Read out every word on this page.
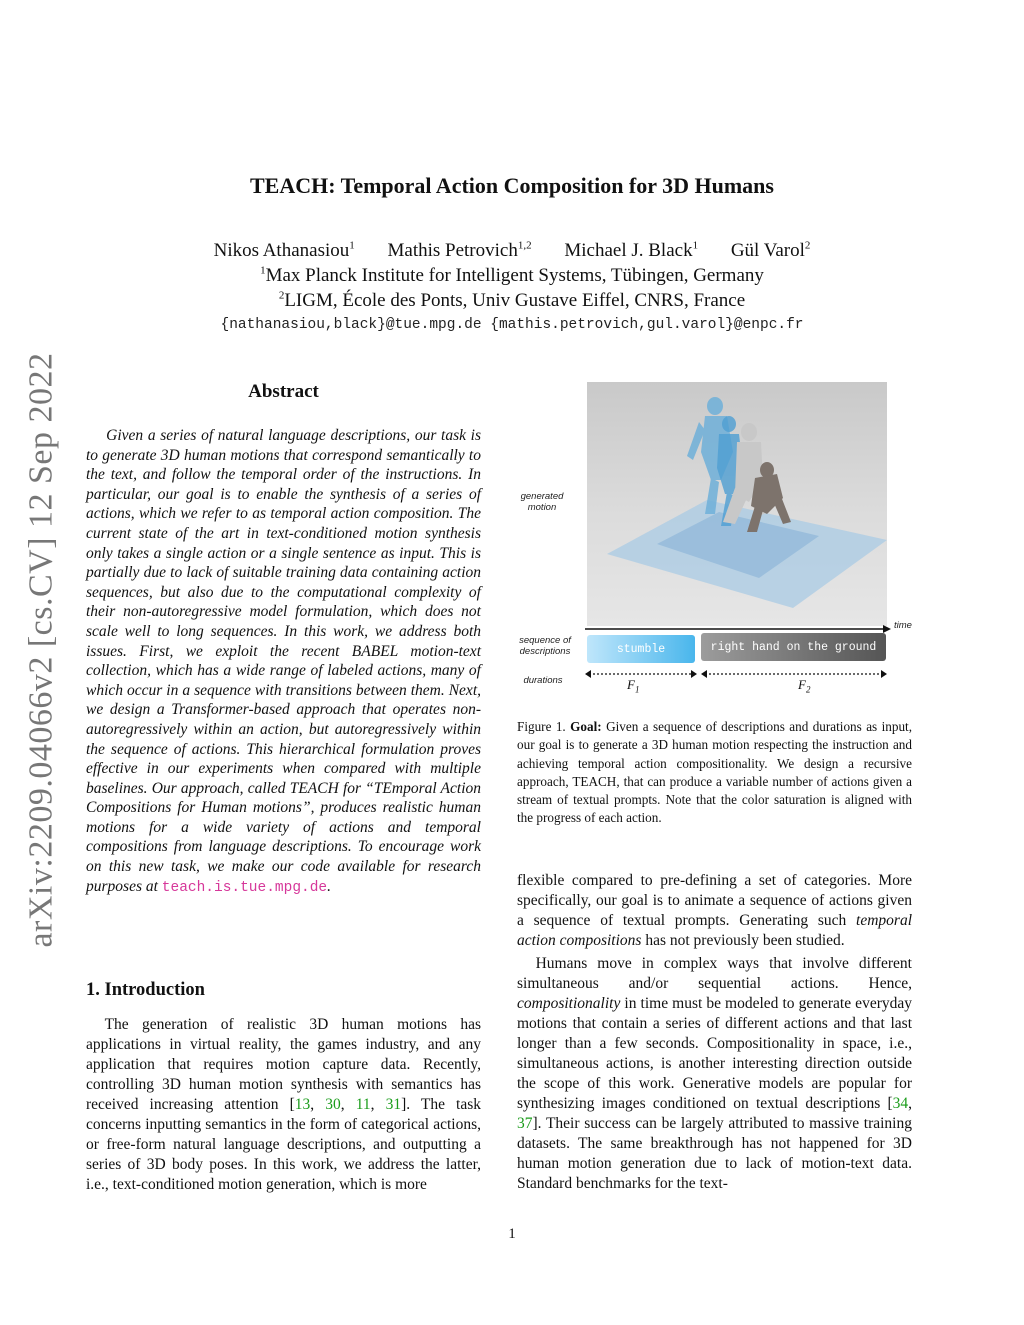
arXiv:2209.04066v2 [cs.CV] 12 Sep 2022
TEACH: Temporal Action Composition for 3D Humans
Nikos Athanasiou$^1$ Mathis Petrovich$^{1,2}$ Michael J. Black$^1$ Gül Varol$^2$
$^1$Max Planck Institute for Intelligent Systems, Tübingen, Germany
$^2$LIGM, École des Ponts, Univ Gustave Eiffel, CNRS, France
{nathanasiou,black}@tue.mpg.de {mathis.petrovich,gul.varol}@enpc.fr
Abstract
Given a series of natural language descriptions, our task is to generate 3D human motions that correspond semantically to the text, and follow the temporal order of the instructions. In particular, our goal is to enable the synthesis of a series of actions, which we refer to as temporal action composition. The current state of the art in text-conditioned motion synthesis only takes a single action or a single sentence as input. This is partially due to lack of suitable training data containing action sequences, but also due to the computational complexity of their non-autoregressive model formulation, which does not scale well to long sequences. In this work, we address both issues. First, we exploit the recent BABEL motion-text collection, which has a wide range of labeled actions, many of which occur in a sequence with transitions between them. Next, we design a Transformer-based approach that operates non-autoregressively within an action, but autoregressively within the sequence of actions. This hierarchical formulation proves effective in our experiments when compared with multiple baselines. Our approach, called TEACH for “TEmporal Action Compositions for Human motions”, produces realistic human motions for a wide variety of actions and temporal compositions from language descriptions. To encourage work on this new task, we make our code available for research purposes at teach.is.tue.mpg.de.
1. Introduction
The generation of realistic 3D human motions has applications in virtual reality, the games industry, and any application that requires motion capture data. Recently, controlling 3D human motion synthesis with semantics has received increasing attention [13, 30, 11, 31]. The task concerns inputting semantics in the form of categorical actions, or free-form natural language descriptions, and outputting a series of 3D body poses. In this work, we address the latter, i.e., text-conditioned motion generation, which is more
generated motion
time
sequence of descriptions	stumble	right hand on the ground
durations	$F_1$	$F_2$
Figure 1. Goal: Given a sequence of descriptions and durations as input, our goal is to generate a 3D human motion respecting the instruction and achieving temporal action compositionality. We design a recursive approach, TEACH, that can produce a variable number of actions given a stream of textual prompts. Note that the color saturation is aligned with the progress of each action.

flexible compared to pre-defining a set of categories. More specifically, our goal is to animate a sequence of actions given a sequence of textual prompts. Generating such temporal action compositions has not previously been studied.

Humans move in complex ways that involve different simultaneous and/or sequential actions. Hence, compositionality in time must be modeled to generate everyday motions that contain a series of different actions and that last longer than a few seconds. Compositionality in space, i.e., simultaneous actions, is another interesting direction outside the scope of this work. Generative models are popular for synthesizing images conditioned on textual descriptions [34, 37]. Their success can be largely attributed to massive training datasets. The same breakthrough has not happened for 3D human motion generation due to lack of motion-text data. Standard benchmarks for the text-

1
